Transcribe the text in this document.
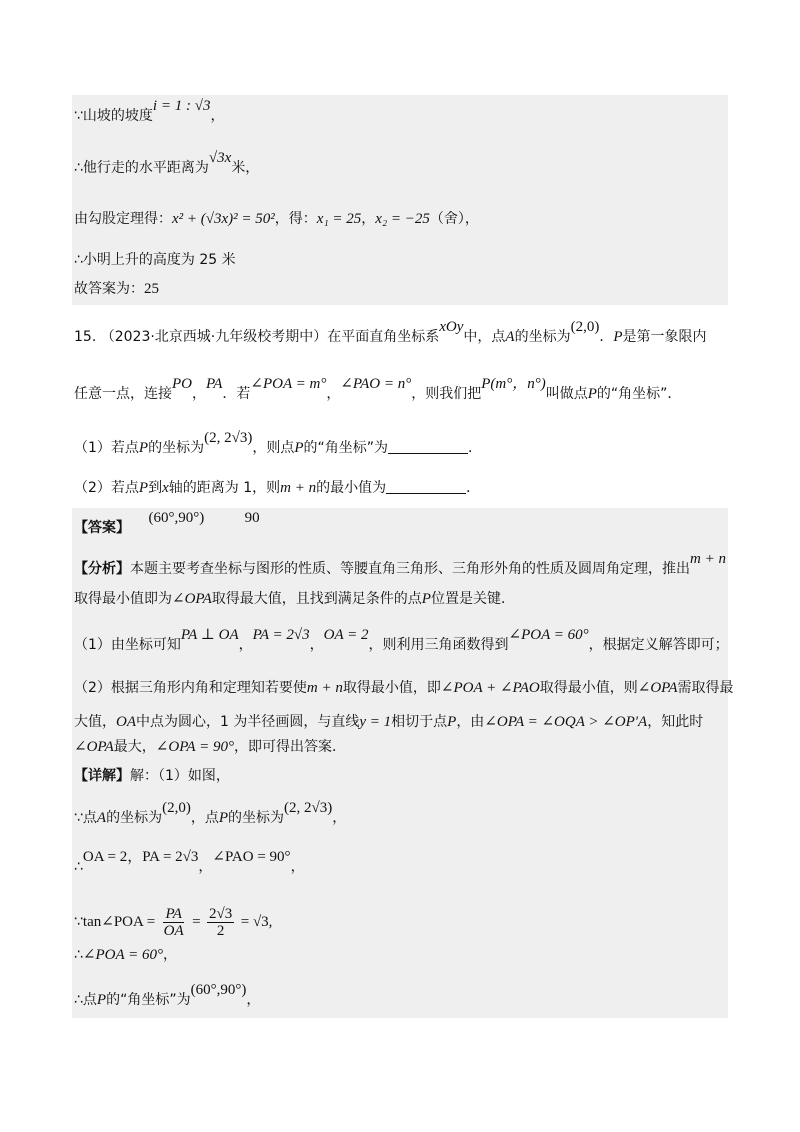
∵山坡的坡度i = 1 : √3，
∴他行走的水平距离为√3x米，
由勾股定理得：x² + (√3x)² = 50²，得：x₁ = 25，x₂ = −25（舍），
∴小明上升的高度为 25 米
故答案为：25
15. （2023·北京西城·九年级校考期中）在平面直角坐标系xOy中，点A的坐标为(2,0)．P是第一象限内
任意一点，连接PO，PA．若∠POA = m°，∠PAO = n°，则我们把P(m°，n°)叫做点P的“角坐标”．
（1）若点P的坐标为(2, 2√3)，则点P的“角坐标”为	．
（2）若点P到x轴的距离为 1，则m + n的最小值为	．
【答案】 (60°,90°)	90
【分析】本题主要考查坐标与图形的性质、等腰直角三角形、三角形外角的性质及圆周角定理，推出m + n
取得最小值即为∠OPA取得最大值，且找到满足条件的点P位置是关键．
（1）由坐标可知PA ⊥ OA，PA = 2√3，OA = 2，则利用三角函数得到∠POA = 60°，根据定义解答即可；
（2）根据三角形内角和定理知若要使m + n取得最小值，即∠POA + ∠PAO取得最小值，则∠OPA需取得最
大值，OA中点为圆心，1 为半径画圆，与直线y = 1相切于点P，由∠OPA = ∠OQA > ∠OP′A，知此时
∠OPA最大，∠OPA = 90°，即可得出答案．
【详解】解：（1）如图，
∵点A的坐标为(2,0)，点P的坐标为(2, 2√3)，
∴OA = 2，PA = 2√3，∠PAO = 90°，
∵tan∠POA = $\frac{PA}{OA} = \frac{2√3}{2} = √3$,
∴∠POA = 60°，
∴点P的“角坐标”为(60°,90°)，
